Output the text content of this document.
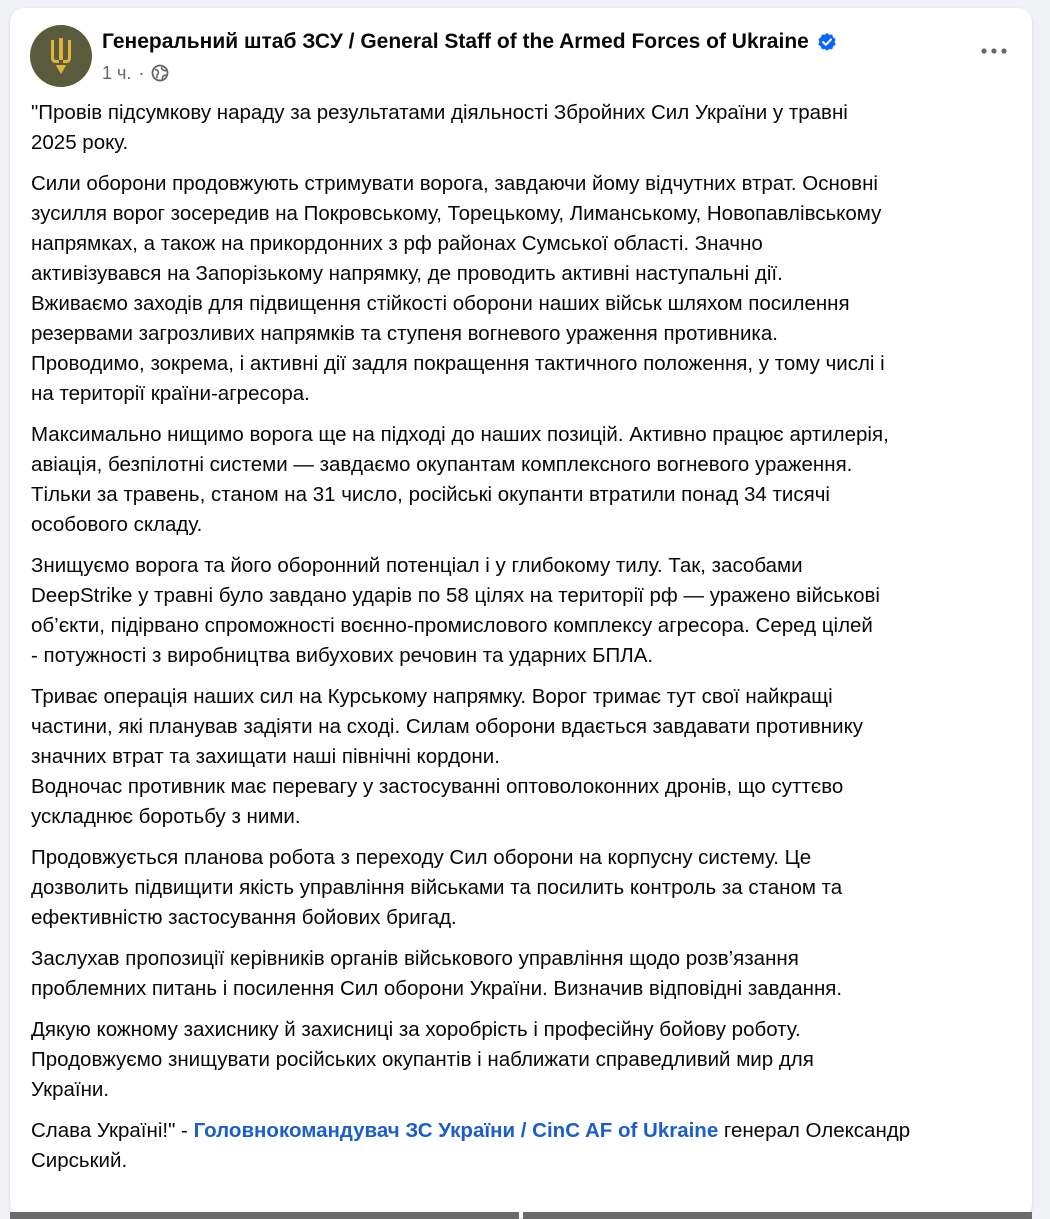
Генеральний штаб ЗСУ / General Staff of the Armed Forces of Ukraine
1 ч. ·

"Провів підсумкову нараду за результатами діяльності Збройних Сил України у травні
2025 року.

Сили оборони продовжують стримувати ворога, завдаючи йому відчутних втрат. Основні
зусилля ворог зосередив на Покровському, Торецькому, Лиманському, Новопавлівському
напрямках, а також на прикордонних з рф районах Сумської області. Значно
активізувався на Запорізькому напрямку, де проводить активні наступальні дії.
Вживаємо заходів для підвищення стійкості оборони наших військ шляхом посилення
резервами загрозливих напрямків та ступеня вогневого ураження противника.
Проводимо, зокрема, і активні дії задля покращення тактичного положення, у тому числі і
на території країни-агресора.

Максимально нищимо ворога ще на підході до наших позицій. Активно працює артилерія,
авіація, безпілотні системи — завдаємо окупантам комплексного вогневого ураження.
Тільки за травень, станом на 31 число, російські окупанти втратили понад 34 тисячі
особового складу.

Знищуємо ворога та його оборонний потенціал і у глибокому тилу. Так, засобами
DeepStrike у травні було завдано ударів по 58 цілях на території рф — уражено військові
об’єкти, підірвано спроможності воєнно-промислового комплексу агресора. Серед цілей
- потужності з виробництва вибухових речовин та ударних БПЛА.

Триває операція наших сил на Курському напрямку. Ворог тримає тут свої найкращі
частини, які планував задіяти на сході. Силам оборони вдається завдавати противнику
значних втрат та захищати наші північні кордони.
Водночас противник має перевагу у застосуванні оптоволоконних дронів, що суттєво
ускладнює боротьбу з ними.

Продовжується планова робота з переходу Сил оборони на корпусну систему. Це
дозволить підвищити якість управління військами та посилить контроль за станом та
ефективністю застосування бойових бригад.

Заслухав пропозиції керівників органів військового управління щодо розв’язання
проблемних питань і посилення Сил оборони України. Визначив відповідні завдання.

Дякую кожному захиснику й захисниці за хоробрість і професійну бойову роботу.
Продовжуємо знищувати російських окупантів і наближати справедливий мир для
України.

Слава Україні!" - Головнокомандувач ЗС України / CinC AF of Ukraine генерал Олександр
Сирський.
